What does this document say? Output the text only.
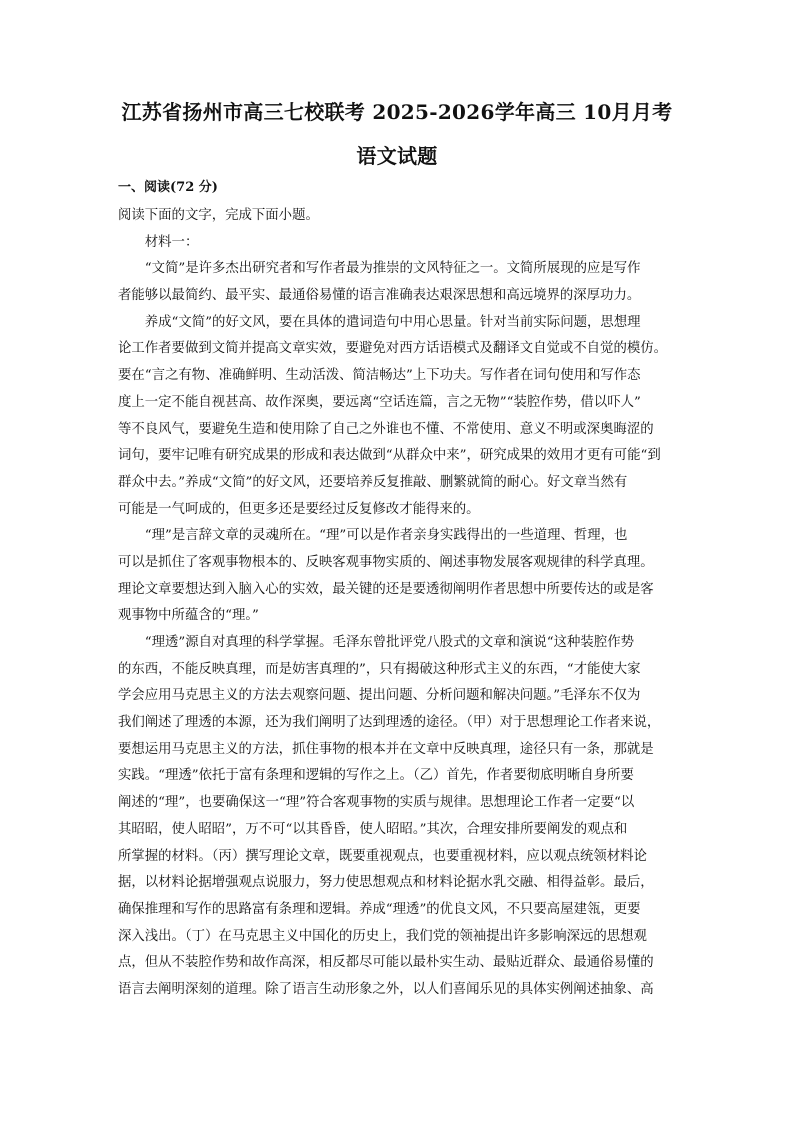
江苏省扬州市高三七校联考 2025-2026学年高三 10月月考
语文试题
一、阅读(72 分)
阅读下面的文字，完成下面小题。
　　材料一：
　　“文简”是许多杰出研究者和写作者最为推崇的文风特征之一。文简所展现的应是写作
者能够以最简约、最平实、最通俗易懂的语言准确表达艰深思想和高远境界的深厚功力。
　　养成“文简”的好文风，要在具体的遣词造句中用心思量。针对当前实际问题，思想理
论工作者要做到文简并提高文章实效，要避免对西方话语模式及翻译文自觉或不自觉的模仿。
要在“言之有物、准确鲜明、生动活泼、简洁畅达”上下功夫。写作者在词句使用和写作态
度上一定不能自视甚高、故作深奥，要远离“空话连篇，言之无物”“装腔作势，借以吓人”
等不良风气，要避免生造和使用除了自己之外谁也不懂、不常使用、意义不明或深奥晦涩的
词句，要牢记唯有研究成果的形成和表达做到“从群众中来”，研究成果的效用才更有可能“到
群众中去。”养成“文简”的好文风，还要培养反复推敲、删繁就简的耐心。好文章当然有
可能是一气呵成的，但更多还是要经过反复修改才能得来的。
　　“理”是言辞文章的灵魂所在。“理”可以是作者亲身实践得出的一些道理、哲理，也
可以是抓住了客观事物根本的、反映客观事物实质的、阐述事物发展客观规律的科学真理。
理论文章要想达到入脑入心的实效，最关键的还是要透彻阐明作者思想中所要传达的或是客
观事物中所蕴含的“理。”
　　“理透”源自对真理的科学掌握。毛泽东曾批评党八股式的文章和演说“这种装腔作势
的东西，不能反映真理，而是妨害真理的”，只有揭破这种形式主义的东西，“才能使大家
学会应用马克思主义的方法去观察问题、提出问题、分析问题和解决问题。”毛泽东不仅为
我们阐述了理透的本源，还为我们阐明了达到理透的途径。（甲）对于思想理论工作者来说，
要想运用马克思主义的方法，抓住事物的根本并在文章中反映真理，途径只有一条，那就是
实践。“理透”依托于富有条理和逻辑的写作之上。（乙）首先，作者要彻底明晰自身所要
阐述的“理”，也要确保这一“理”符合客观事物的实质与规律。思想理论工作者一定要“以
其昭昭，使人昭昭”，万不可“以其昏昏，使人昭昭。”其次，合理安排所要阐发的观点和
所掌握的材料。（丙）撰写理论文章，既要重视观点，也要重视材料，应以观点统领材料论
据，以材料论据增强观点说服力，努力使思想观点和材料论据水乳交融、相得益彰。最后，
确保推理和写作的思路富有条理和逻辑。养成“理透”的优良文风，不只要高屋建瓴，更要
深入浅出。（丁）在马克思主义中国化的历史上，我们党的领袖提出许多影响深远的思想观
点，但从不装腔作势和故作高深，相反都尽可能以最朴实生动、最贴近群众、最通俗易懂的
语言去阐明深刻的道理。除了语言生动形象之外，以人们喜闻乐见的具体实例阐述抽象、高
